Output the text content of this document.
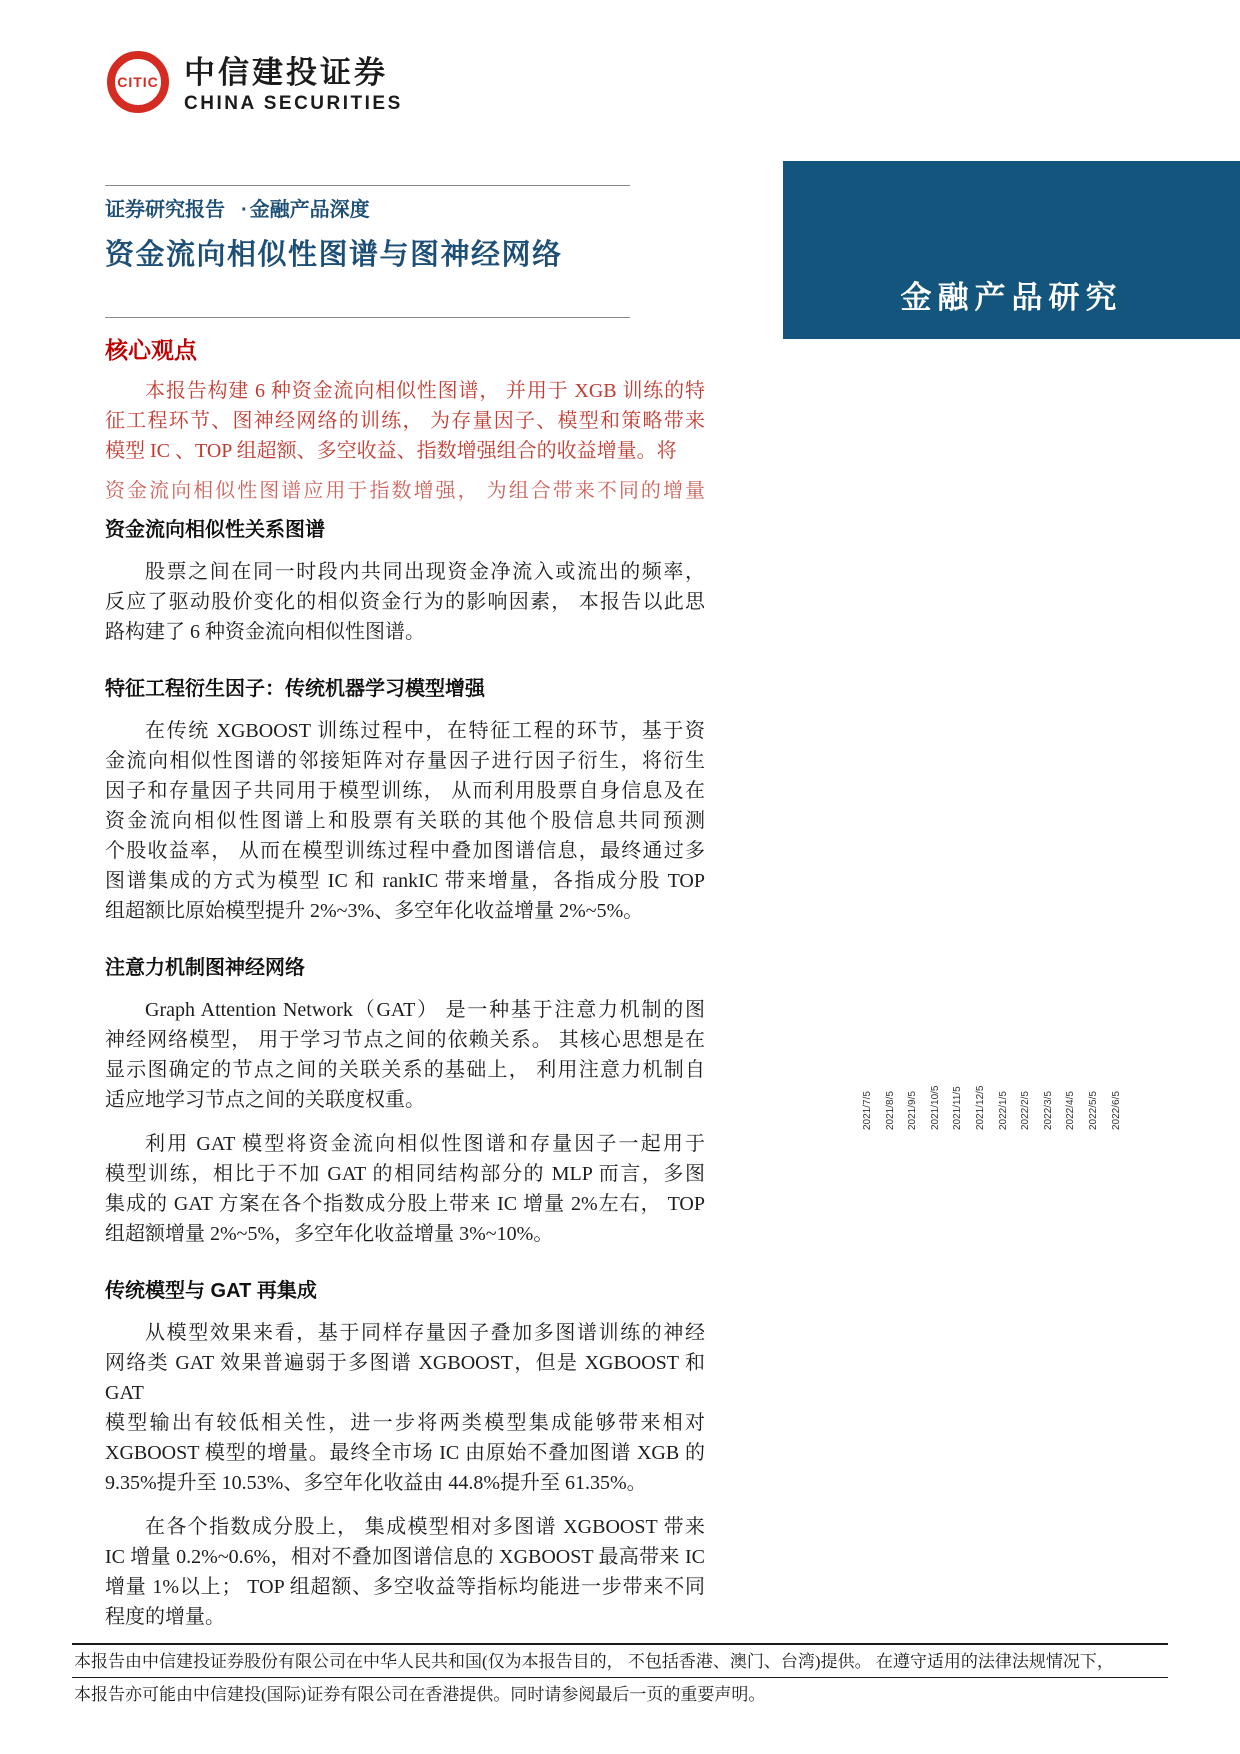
CITIC 中信建投证券
CHINA SECURITIES
证券研究报告 · 金融产品深度
资金流向相似性图谱与图神经网络
金融产品研究
核心观点
本报告构建 6 种资金流向相似性图谱， 并用于 XGB 训练的特
征工程环节、图神经网络的训练， 为存量因子、模型和策略带来
模型 IC 、TOP 组超额、多空收益、指数增强组合的收益增量。将
资金流向相似性图谱应用于指数增强， 为组合带来不同的增量
资金流向相似性关系图谱
股票之间在同一时段内共同出现资金净流入或流出的频率，
反应了驱动股价变化的相似资金行为的影响因素， 本报告以此思
路构建了 6 种资金流向相似性图谱。
特征工程衍生因子：传统机器学习模型增强
在传统 XGBOOST 训练过程中，在特征工程的环节，基于资
金流向相似性图谱的邻接矩阵对存量因子进行因子衍生，将衍生
因子和存量因子共同用于模型训练， 从而利用股票自身信息及在
资金流向相似性图谱上和股票有关联的其他个股信息共同预测
个股收益率， 从而在模型训练过程中叠加图谱信息，最终通过多
图谱集成的方式为模型 IC 和 rankIC 带来增量，各指成分股 TOP
组超额比原始模型提升 2%~3%、多空年化收益增量 2%~5%。
注意力机制图神经网络
Graph Attention Network（GAT） 是一种基于注意力机制的图
神经网络模型， 用于学习节点之间的依赖关系。 其核心思想是在
显示图确定的节点之间的关联关系的基础上， 利用注意力机制自
适应地学习节点之间的关联度权重。
利用 GAT 模型将资金流向相似性图谱和存量因子一起用于
模型训练，相比于不加 GAT 的相同结构部分的 MLP 而言，多图
集成的 GAT 方案在各个指数成分股上带来 IC 增量 2%左右， TOP
组超额增量 2%~5%，多空年化收益增量 3%~10%。
传统模型与 GAT 再集成
从模型效果来看，基于同样存量因子叠加多图谱训练的神经
网络类 GAT 效果普遍弱于多图谱 XGBOOST，但是 XGBOOST 和 GAT
模型输出有较低相关性，进一步将两类模型集成能够带来相对
XGBOOST 模型的增量。最终全市场 IC 由原始不叠加图谱 XGB 的
9.35%提升至 10.53%、多空年化收益由 44.8%提升至 61.35%。
在各个指数成分股上， 集成模型相对多图谱 XGBOOST 带来
IC 增量 0.2%~0.6%，相对不叠加图谱信息的 XGBOOST 最高带来 IC
增量 1%以上； TOP 组超额、多空收益等指标均能进一步带来不同
程度的增量。
2021/7/5	2021/8/5	2021/9/5	2021/10/5	2021/11/5	2021/12/5	2022/1/5	2022/2/5	2022/3/5	2022/4/5	2022/5/5	2022/6/5
本报告由中信建投证券股份有限公司在中华人民共和国(仅为本报告目的， 不包括香港、澳门、台湾)提供。 在遵守适用的法律法规情况下，
本报告亦可能由中信建投(国际)证券有限公司在香港提供。同时请参阅最后一页的重要声明。
